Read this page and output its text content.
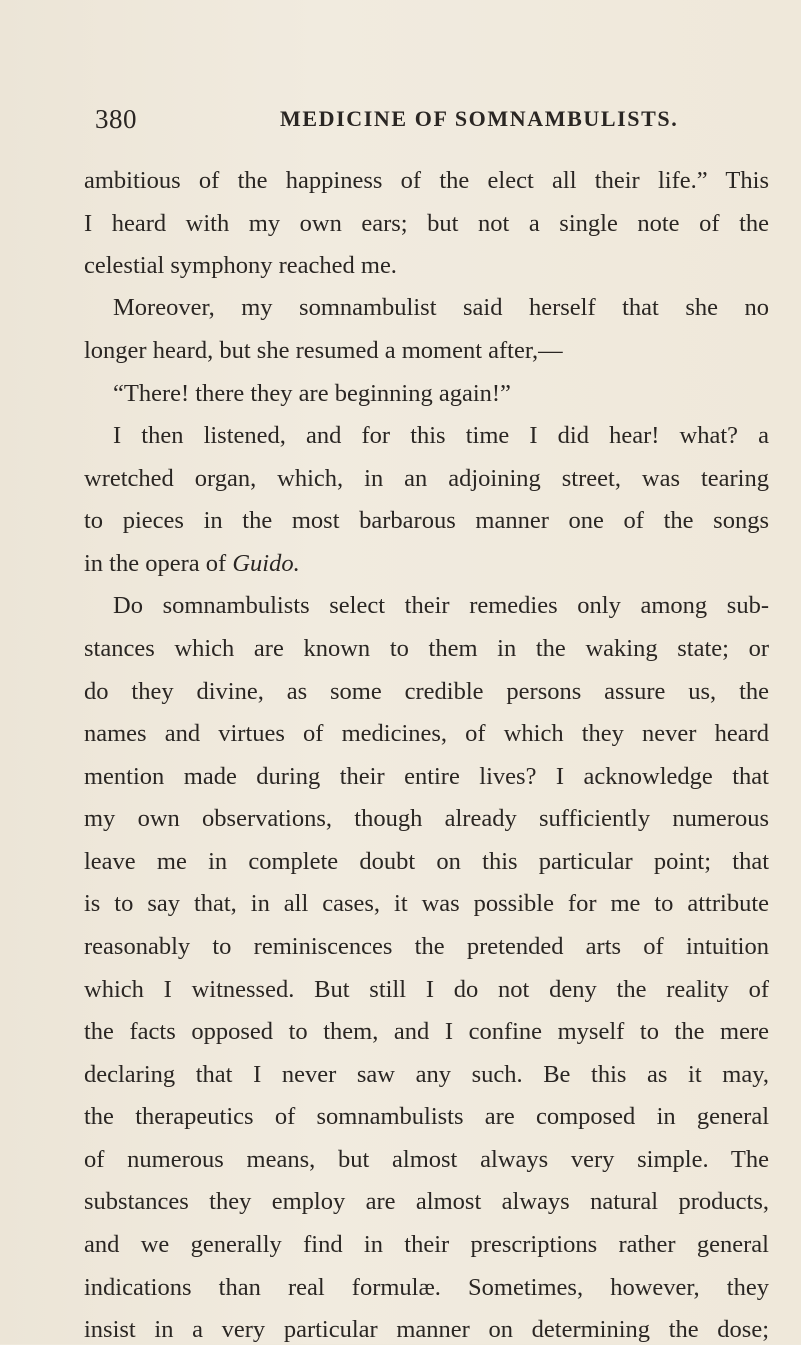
380	MEDICINE OF SOMNAMBULISTS.
ambitious of the happiness of the elect all their life.” This
I heard with my own ears; but not a single note of the
celestial symphony reached me.
Moreover, my somnambulist said herself that she no
longer heard, but she resumed a moment after,—
“There! there they are beginning again!”
I then listened, and for this time I did hear! what? a
wretched organ, which, in an adjoining street, was tearing
to pieces in the most barbarous manner one of the songs
in the opera of Guido.
Do somnambulists select their remedies only among sub-
stances which are known to them in the waking state; or
do they divine, as some credible persons assure us, the
names and virtues of medicines, of which they never heard
mention made during their entire lives? I acknowledge that
my own observations, though already sufficiently numerous
leave me in complete doubt on this particular point; that
is to say that, in all cases, it was possible for me to attribute
reasonably to reminiscences the pretended arts of intuition
which I witnessed. But still I do not deny the reality of
the facts opposed to them, and I confine myself to the mere
declaring that I never saw any such. Be this as it may,
the therapeutics of somnambulists are composed in general
of numerous means, but almost always very simple. The
substances they employ are almost always natural products,
and we generally find in their prescriptions rather general
indications than real formulæ. Sometimes, however, they
insist in a very particular manner on determining the dose;
